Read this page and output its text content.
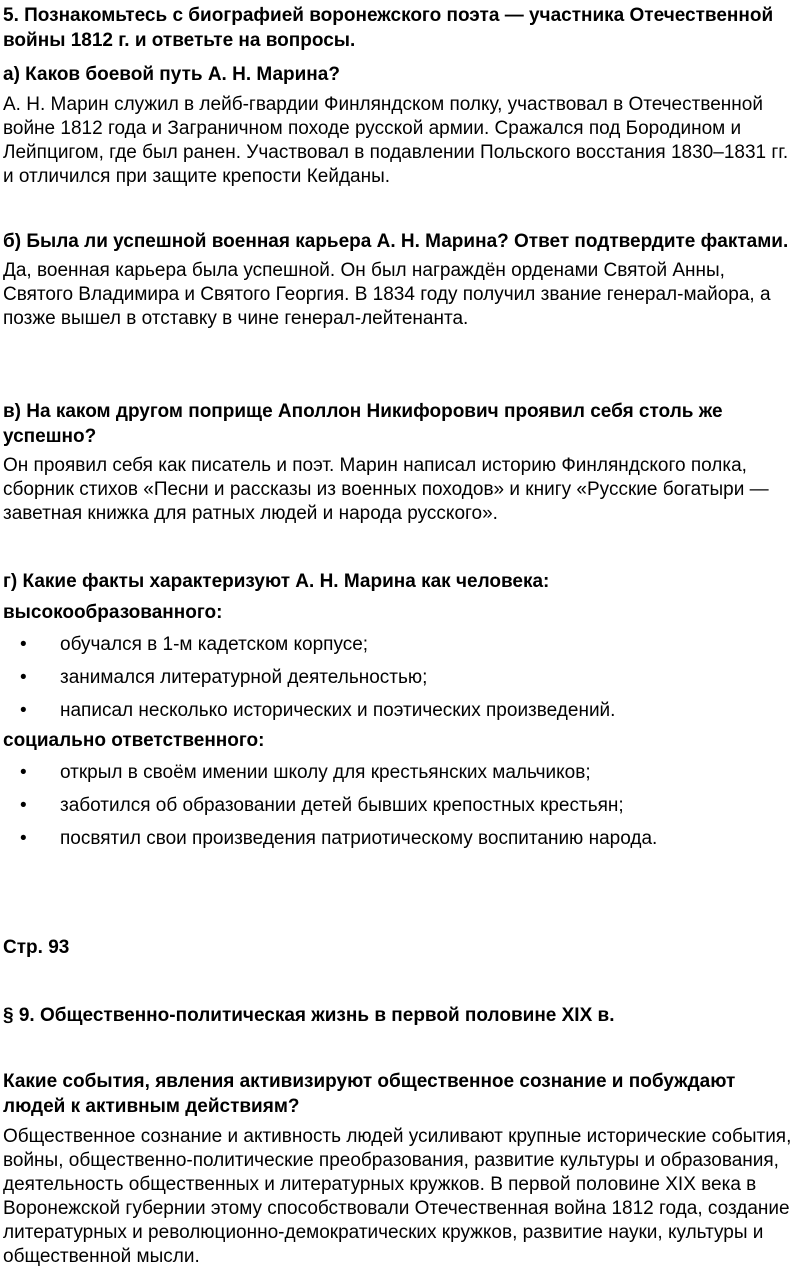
5. Познакомьтесь с биографией воронежского поэта — участника Отечественной войны 1812 г. и ответьте на вопросы.

а) Каков боевой путь А. Н. Марина?

А. Н. Марин служил в лейб-гвардии Финляндском полку, участвовал в Отечественной войне 1812 года и Заграничном походе русской армии. Сражался под Бородином и Лейпцигом, где был ранен. Участвовал в подавлении Польского восстания 1830–1831 гг. и отличился при защите крепости Кейданы.

б) Была ли успешной военная карьера А. Н. Марина? Ответ подтвердите фактами.

Да, военная карьера была успешной. Он был награждён орденами Святой Анны, Святого Владимира и Святого Георгия. В 1834 году получил звание генерал-майора, а позже вышел в отставку в чине генерал-лейтенанта.

в) На каком другом поприще Аполлон Никифорович проявил себя столь же успешно?

Он проявил себя как писатель и поэт. Марин написал историю Финляндского полка, сборник стихов «Песни и рассказы из военных походов» и книгу «Русские богатыри — заветная книжка для ратных людей и народа русского».

г) Какие факты характеризуют А. Н. Марина как человека:

высокообразованного:

• обучался в 1-м кадетском корпусе;
• занимался литературной деятельностью;
• написал несколько исторических и поэтических произведений.

социально ответственного:

• открыл в своём имении школу для крестьянских мальчиков;
• заботился об образовании детей бывших крепостных крестьян;
• посвятил свои произведения патриотическому воспитанию народа.

Стр. 93

§ 9. Общественно-политическая жизнь в первой половине XIX в.

Какие события, явления активизируют общественное сознание и побуждают людей к активным действиям?

Общественное сознание и активность людей усиливают крупные исторические события, войны, общественно-политические преобразования, развитие культуры и образования, деятельность общественных и литературных кружков. В первой половине XIX века в Воронежской губернии этому способствовали Отечественная война 1812 года, создание литературных и революционно-демократических кружков, развитие науки, культуры и общественной мысли.
